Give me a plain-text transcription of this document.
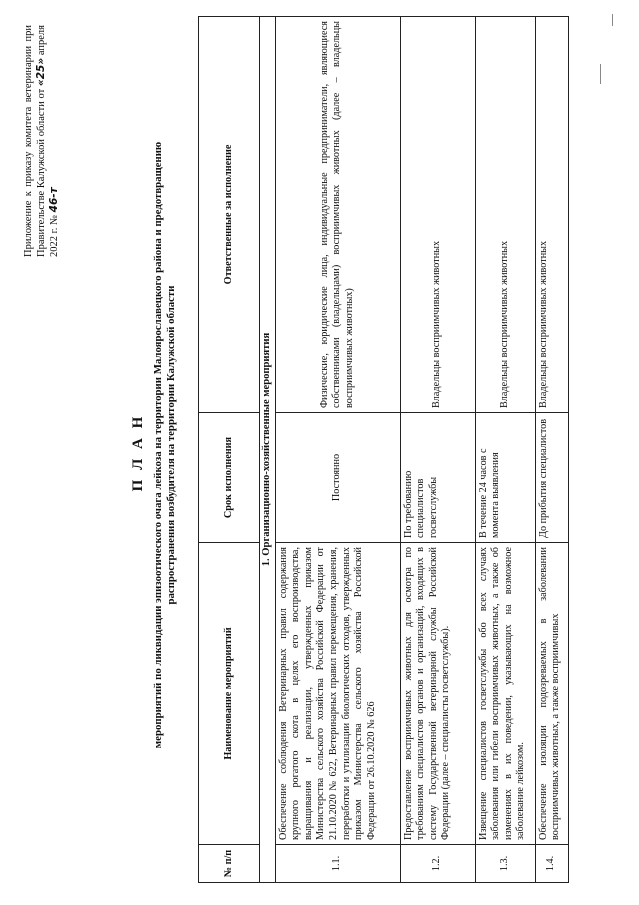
Приложение к приказу комитета ветеринарии при Правительстве Калужской области от «25» апреля 2022 г. № 46-т
П Л А Н мероприятий по ликвидации эпизоотического очага лейкоза на территории Малоярославецкого района и предотвращению распространения возбудителя на территории Калужской области
№ п/п	Наименование мероприятий	Срок исполнения	Ответственные за исполнение
1. Организационно-хозяйственные мероприятия			
1.1.	Обеспечение соблюдения Ветеринарных правил содержания крупного рогатого скота в целях его воспроизводства, выращивания и реализации, утвержденных приказом Министерства сельского хозяйства Российской Федерации от 21.10.2020 № 622, Ветеринарных правил перемещения, хранения, переработки и утилизации биологических отходов, утвержденных приказом Министерства сельского хозяйства Российской Федерации от 26.10.2020 № 626	Постоянно	Физические, юридические лица, индивидуальные предприниматели, являющиеся собственниками (владельцами) восприимчивых животных (далее – владельцы восприимчивых животных)
1.2.	Предоставление восприимчивых животных для осмотра по требованиям специалистов органов и организаций, входящих в систему Государственной ветеринарной службы Российской Федерации (далее – специалисты госветслужбы).	По требованию специалистов госветслужбы	Владельцы восприимчивых животных
1.3.	Извещение специалистов госветслужбы обо всех случаях заболевания или гибели восприимчивых животных, а также об изменениях в их поведении, указывающих на возможное заболевание лейкозом.	В течение 24 часов с момента выявления	Владельцы восприимчивых животных
1.4.	Обеспечение изоляции подозреваемых в заболевании восприимчивых животных, а также восприимчивых	До прибытия специалистов	Владельцы восприимчивых животных
